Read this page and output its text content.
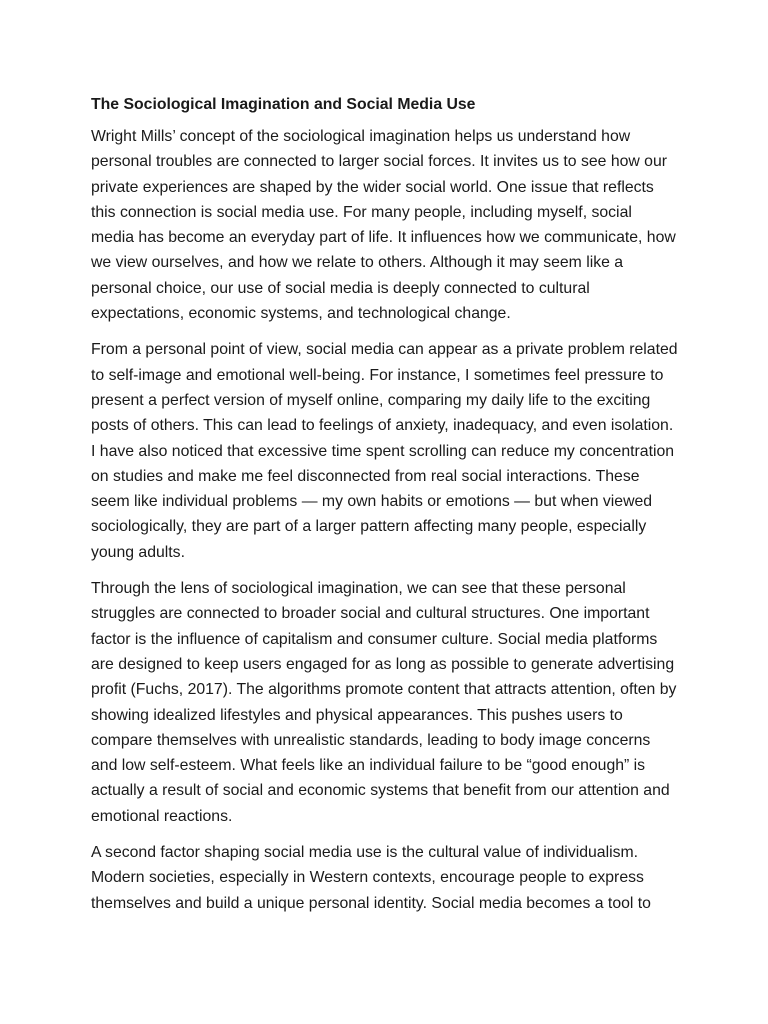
The Sociological Imagination and Social Media Use

Wright Mills’ concept of the sociological imagination helps us understand how personal troubles are connected to larger social forces. It invites us to see how our private experiences are shaped by the wider social world. One issue that reflects this connection is social media use. For many people, including myself, social media has become an everyday part of life. It influences how we communicate, how we view ourselves, and how we relate to others. Although it may seem like a personal choice, our use of social media is deeply connected to cultural expectations, economic systems, and technological change.

From a personal point of view, social media can appear as a private problem related to self-image and emotional well-being. For instance, I sometimes feel pressure to present a perfect version of myself online, comparing my daily life to the exciting posts of others. This can lead to feelings of anxiety, inadequacy, and even isolation. I have also noticed that excessive time spent scrolling can reduce my concentration on studies and make me feel disconnected from real social interactions. These seem like individual problems — my own habits or emotions — but when viewed sociologically, they are part of a larger pattern affecting many people, especially young adults.

Through the lens of sociological imagination, we can see that these personal struggles are connected to broader social and cultural structures. One important factor is the influence of capitalism and consumer culture. Social media platforms are designed to keep users engaged for as long as possible to generate advertising profit (Fuchs, 2017). The algorithms promote content that attracts attention, often by showing idealized lifestyles and physical appearances. This pushes users to compare themselves with unrealistic standards, leading to body image concerns and low self-esteem. What feels like an individual failure to be “good enough” is actually a result of social and economic systems that benefit from our attention and emotional reactions.

A second factor shaping social media use is the cultural value of individualism. Modern societies, especially in Western contexts, encourage people to express themselves and build a unique personal identity. Social media becomes a tool to
